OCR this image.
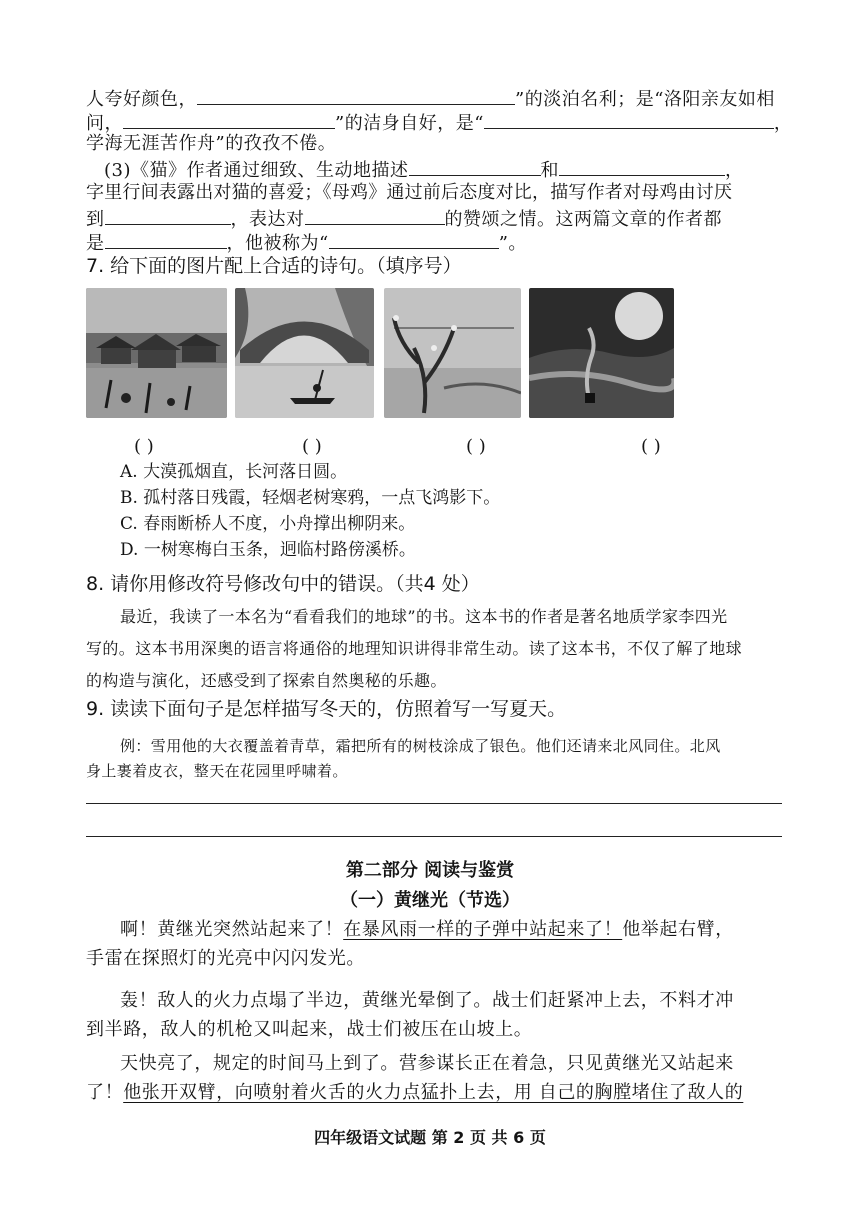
人夸好颜色，	”的淡泊名利；是“洛阳亲友如相
问，	”的洁身自好，是“	，
学海无涯苦作舟”的孜孜不倦。
(3)《猫》作者通过细致、生动地描述	和	，
字里行间表露出对猫的喜爱；《母鸡》通过前后态度对比，描写作者对母鸡由讨厌
到	，表达对	的赞颂之情。这两篇文章的作者都
是	，他被称为“	”。
7. 给下面的图片配上合适的诗句。（填序号）
( )	( )	( )	( )
A. 大漠孤烟直，长河落日圆。
B. 孤村落日残霞，轻烟老树寒鸦，一点飞鸿影下。
C. 春雨断桥人不度，小舟撑出柳阴来。
D. 一树寒梅白玉条，迥临村路傍溪桥。
8. 请你用修改符号修改句中的错误。（共4 处）
最近，我读了一本名为“看看我们的地球”的书。这本书的作者是著名地质学家李四光
写的。这本书用深奥的语言将通俗的地理知识讲得非常生动。读了这本书，不仅了解了地球
的构造与演化，还感受到了探索自然奥秘的乐趣。
9. 读读下面句子是怎样描写冬天的，仿照着写一写夏天。
例：雪用他的大衣覆盖着青草，霜把所有的树枝涂成了银色。他们还请来北风同住。北风
身上裹着皮衣，整天在花园里呼啸着。
第二部分 阅读与鉴赏
（一）黄继光（节选）
啊！黄继光突然站起来了！在暴风雨一样的子弹中站起来了！他举起右臂，
手雷在探照灯的光亮中闪闪发光。
轰！敌人的火力点塌了半边，黄继光晕倒了。战士们赶紧冲上去，不料才冲
到半路，敌人的机枪又叫起来，战士们被压在山坡上。
天快亮了，规定的时间马上到了。营参谋长正在着急，只见黄继光又站起来
了！他张开双臂，向喷射着火舌的火力点猛扑上去，用 自己的胸膛堵住了敌人的
四年级语文试题 第 2 页 共 6 页
